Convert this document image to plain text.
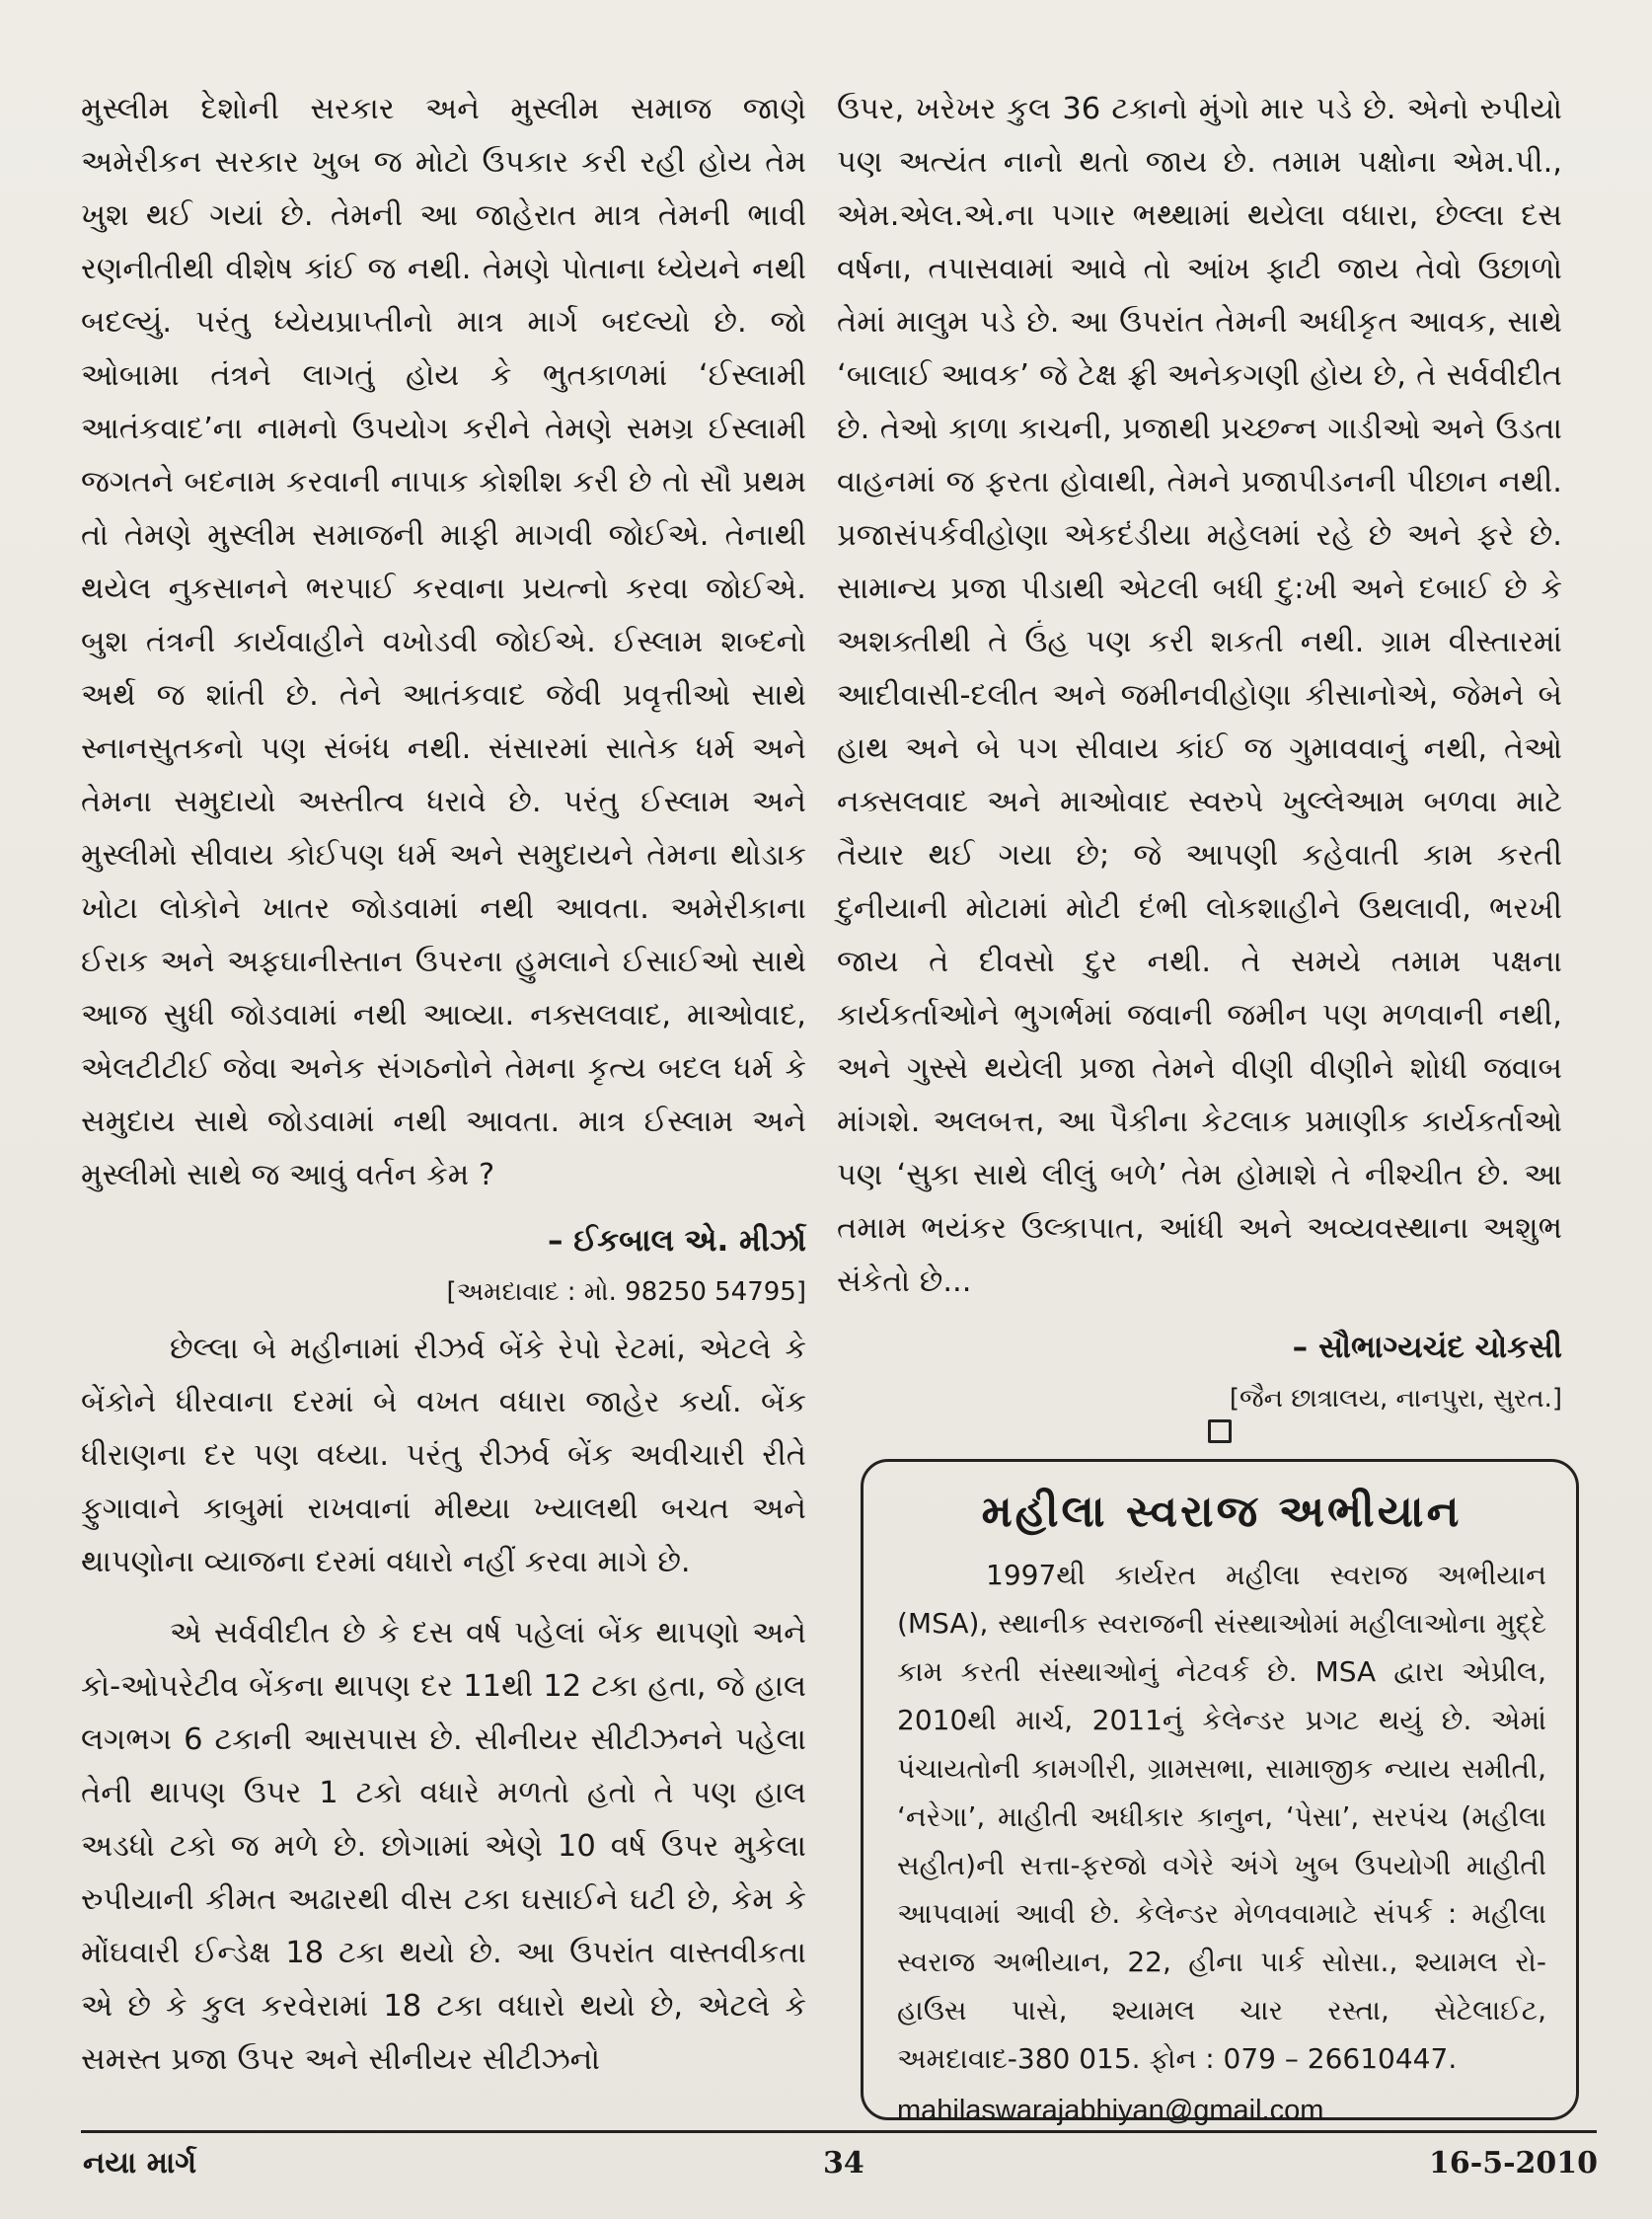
મુસ્લીમ દેશોની સરકાર અને મુસ્લીમ સમાજ જાણે અમેરીકન સરકાર ખુબ જ મોટો ઉપકાર કરી રહી હોય તેમ ખુશ થઈ ગયાં છે. તેમની આ જાહેરાત માત્ર તેમની ભાવી રણનીતીથી વીશેષ કાંઈ જ નથી. તેમણે પોતાના ધ્યેયને નથી બદલ્યું. પરંતુ ધ્યેયપ્રાપ્તીનો માત્ર માર્ગ બદલ્યો છે. જો ઓબામા તંત્રને લાગતું હોય કે ભુતકાળમાં ‘ઈસ્લામી આતંકવાદ’ના નામનો ઉપયોગ કરીને તેમણે સમગ્ર ઈસ્લામી જગતને બદનામ કરવાની નાપાક કોશીશ કરી છે તો સૌ પ્રથમ તો તેમણે મુસ્લીમ સમાજની માફી માગવી જોઈએ. તેનાથી થયેલ નુકસાનને ભરપાઈ કરવાના પ્રયત્નો કરવા જોઈએ. બુશ તંત્રની કાર્યવાહીને વખોડવી જોઈએ. ઈસ્લામ શબ્દનો અર્થ જ શાંતી છે. તેને આતંકવાદ જેવી પ્રવૃત્તીઓ સાથે સ્નાનસુતકનો પણ સંબંધ નથી. સંસારમાં સાતેક ધર્મ અને તેમના સમુદાયો અસ્તીત્વ ધરાવે છે. પરંતુ ઈસ્લામ અને મુસ્લીમો સીવાય કોઈપણ ધર્મ અને સમુદાયને તેમના થોડાક ખોટા લોકોને ખાતર જોડવામાં નથી આવતા. અમેરીકાના ઈરાક અને અફઘાનીસ્તાન ઉપરના હુમલાને ઈસાઈઓ સાથે આજ સુધી જોડવામાં નથી આવ્યા. નક્સલવાદ, માઓવાદ, એલટીટીઈ જેવા અનેક સંગઠનોને તેમના કૃત્ય બદલ ધર્મ કે સમુદાય સાથે જોડવામાં નથી આવતા. માત્ર ઈસ્લામ અને મુસ્લીમો સાથે જ આવું વર્તન કેમ ?

– ઈકબાલ એ. મીર્ઝા
[અમદાવાદ : મો. 98250 54795]

છેલ્લા બે મહીનામાં રીઝર્વ બેંકે રેપો રેટમાં, એટલે કે બેંકોને ધીરવાના દરમાં બે વખત વધારા જાહેર કર્યા. બેંક ધીરાણના દર પણ વધ્યા. પરંતુ રીઝર્વ બેંક અવીચારી રીતે ફુગાવાને કાબુમાં રાખવાનાં મીથ્યા ખ્યાલથી બચત અને થાપણોના વ્યાજના દરમાં વધારો નહીં કરવા માગે છે.

એ સર્વવીદીત છે કે દસ વર્ષ પહેલાં બેંક થાપણો અને કો-ઓપરેટીવ બેંકના થાપણ દર 11થી 12 ટકા હતા, જે હાલ લગભગ 6 ટકાની આસપાસ છે. સીનીયર સીટીઝનને પહેલા તેની થાપણ ઉપર 1 ટકો વધારે મળતો હતો તે પણ હાલ અડધો ટકો જ મળે છે. છોગામાં એણે 10 વર્ષ ઉપર મુકેલા રુપીયાની કીમત અઢારથી વીસ ટકા ઘસાઈને ઘટી છે, કેમ કે મોંઘવારી ઈન્ડેક્ષ 18 ટકા થયો છે. આ ઉપરાંત વાસ્તવીકતા એ છે કે કુલ કરવેરામાં 18 ટકા વધારો થયો છે, એટલે કે સમસ્ત પ્રજા ઉપર અને સીનીયર સીટીઝનો

ઉપર, ખરેખર કુલ 36 ટકાનો મુંગો માર પડે છે. એનો રુપીયો પણ અત્યંત નાનો થતો જાય છે. તમામ પક્ષોના એમ.પી., એમ.એલ.એ.ના પગાર ભથ્થામાં થયેલા વધારા, છેલ્લા દસ વર્ષના, તપાસવામાં આવે તો આંખ ફાટી જાય તેવો ઉછાળો તેમાં માલુમ પડે છે. આ ઉપરાંત તેમની અધીકૃત આવક, સાથે ‘બાલાઈ આવક’ જે ટેક્ષ ફ્રી અનેકગણી હોય છે, તે સર્વવીદીત છે. તેઓ કાળા કાચની, પ્રજાથી પ્રચ્છન્ન ગાડીઓ અને ઉડતા વાહનમાં જ ફરતા હોવાથી, તેમને પ્રજાપીડનની પીછાન નથી. પ્રજાસંપર્કવીહોણા એકદંડીયા મહેલમાં રહે છે અને ફરે છે. સામાન્ય પ્રજા પીડાથી એટલી બધી દુ:ખી અને દબાઈ છે કે અશક્તીથી તે ઉંહ પણ કરી શકતી નથી. ગ્રામ વીસ્તારમાં આદીવાસી-દલીત અને જમીનવીહોણા કીસાનોએ, જેમને બે હાથ અને બે પગ સીવાય કાંઈ જ ગુમાવવાનું નથી, તેઓ નક્સલવાદ અને માઓવાદ સ્વરુપે ખુલ્લેઆમ બળવા માટે તૈયાર થઈ ગયા છે; જે આપણી કહેવાતી કામ કરતી દુનીયાની મોટામાં મોટી દંભી લોકશાહીને ઉથલાવી, ભરખી જાય તે દીવસો દુર નથી. તે સમયે તમામ પક્ષના કાર્યકર્તાઓને ભુગર્ભમાં જવાની જમીન પણ મળવાની નથી, અને ગુસ્સે થયેલી પ્રજા તેમને વીણી વીણીને શોધી જવાબ માંગશે. અલબત્ત, આ પૈકીના કેટલાક પ્રમાણીક કાર્યકર્તાઓ પણ ‘સુકા સાથે લીલું બળે’ તેમ હોમાશે તે નીશ્ચીત છે. આ તમામ ભયંકર ઉલ્કાપાત, આંધી અને અવ્યવસ્થાના અશુભ સંકેતો છે...

– સૌભાગ્યચંદ ચોકસી
[જૈન છાત્રાલય, નાનપુરા, સુરત.]
મહીલા સ્વરાજ અભીયાન

1997થી કાર્યરત મહીલા સ્વરાજ અભીયાન (MSA), સ્થાનીક સ્વરાજની સંસ્થાઓમાં મહીલાઓના મુદ્દે કામ કરતી સંસ્થાઓનું નેટવર્ક છે. MSA દ્વારા એપ્રીલ, 2010થી માર્ચ, 2011નું કેલેન્ડર પ્રગટ થયું છે. એમાં પંચાયતોની કામગીરી, ગ્રામસભા, સામાજીક ન્યાય સમીતી, ‘નરેગા’, માહીતી અધીકાર કાનુન, ‘પેસા’, સરપંચ (મહીલા સહીત)ની સત્તા-ફરજો વગેરે અંગે ખુબ ઉપયોગી માહીતી આપવામાં આવી છે. કેલેન્ડર મેળવવામાટે સંપર્ક : મહીલા સ્વરાજ અભીયાન, 22, હીના પાર્ક સોસા., શ્યામલ રો-હાઉસ પાસે, શ્યામલ ચાર રસ્તા, સેટેલાઈટ, અમદાવાદ-380 015. ફોન : 079 – 26610447.

mahilaswarajabhiyan@gmail.com
નયા માર્ગ	34	16-5-2010
